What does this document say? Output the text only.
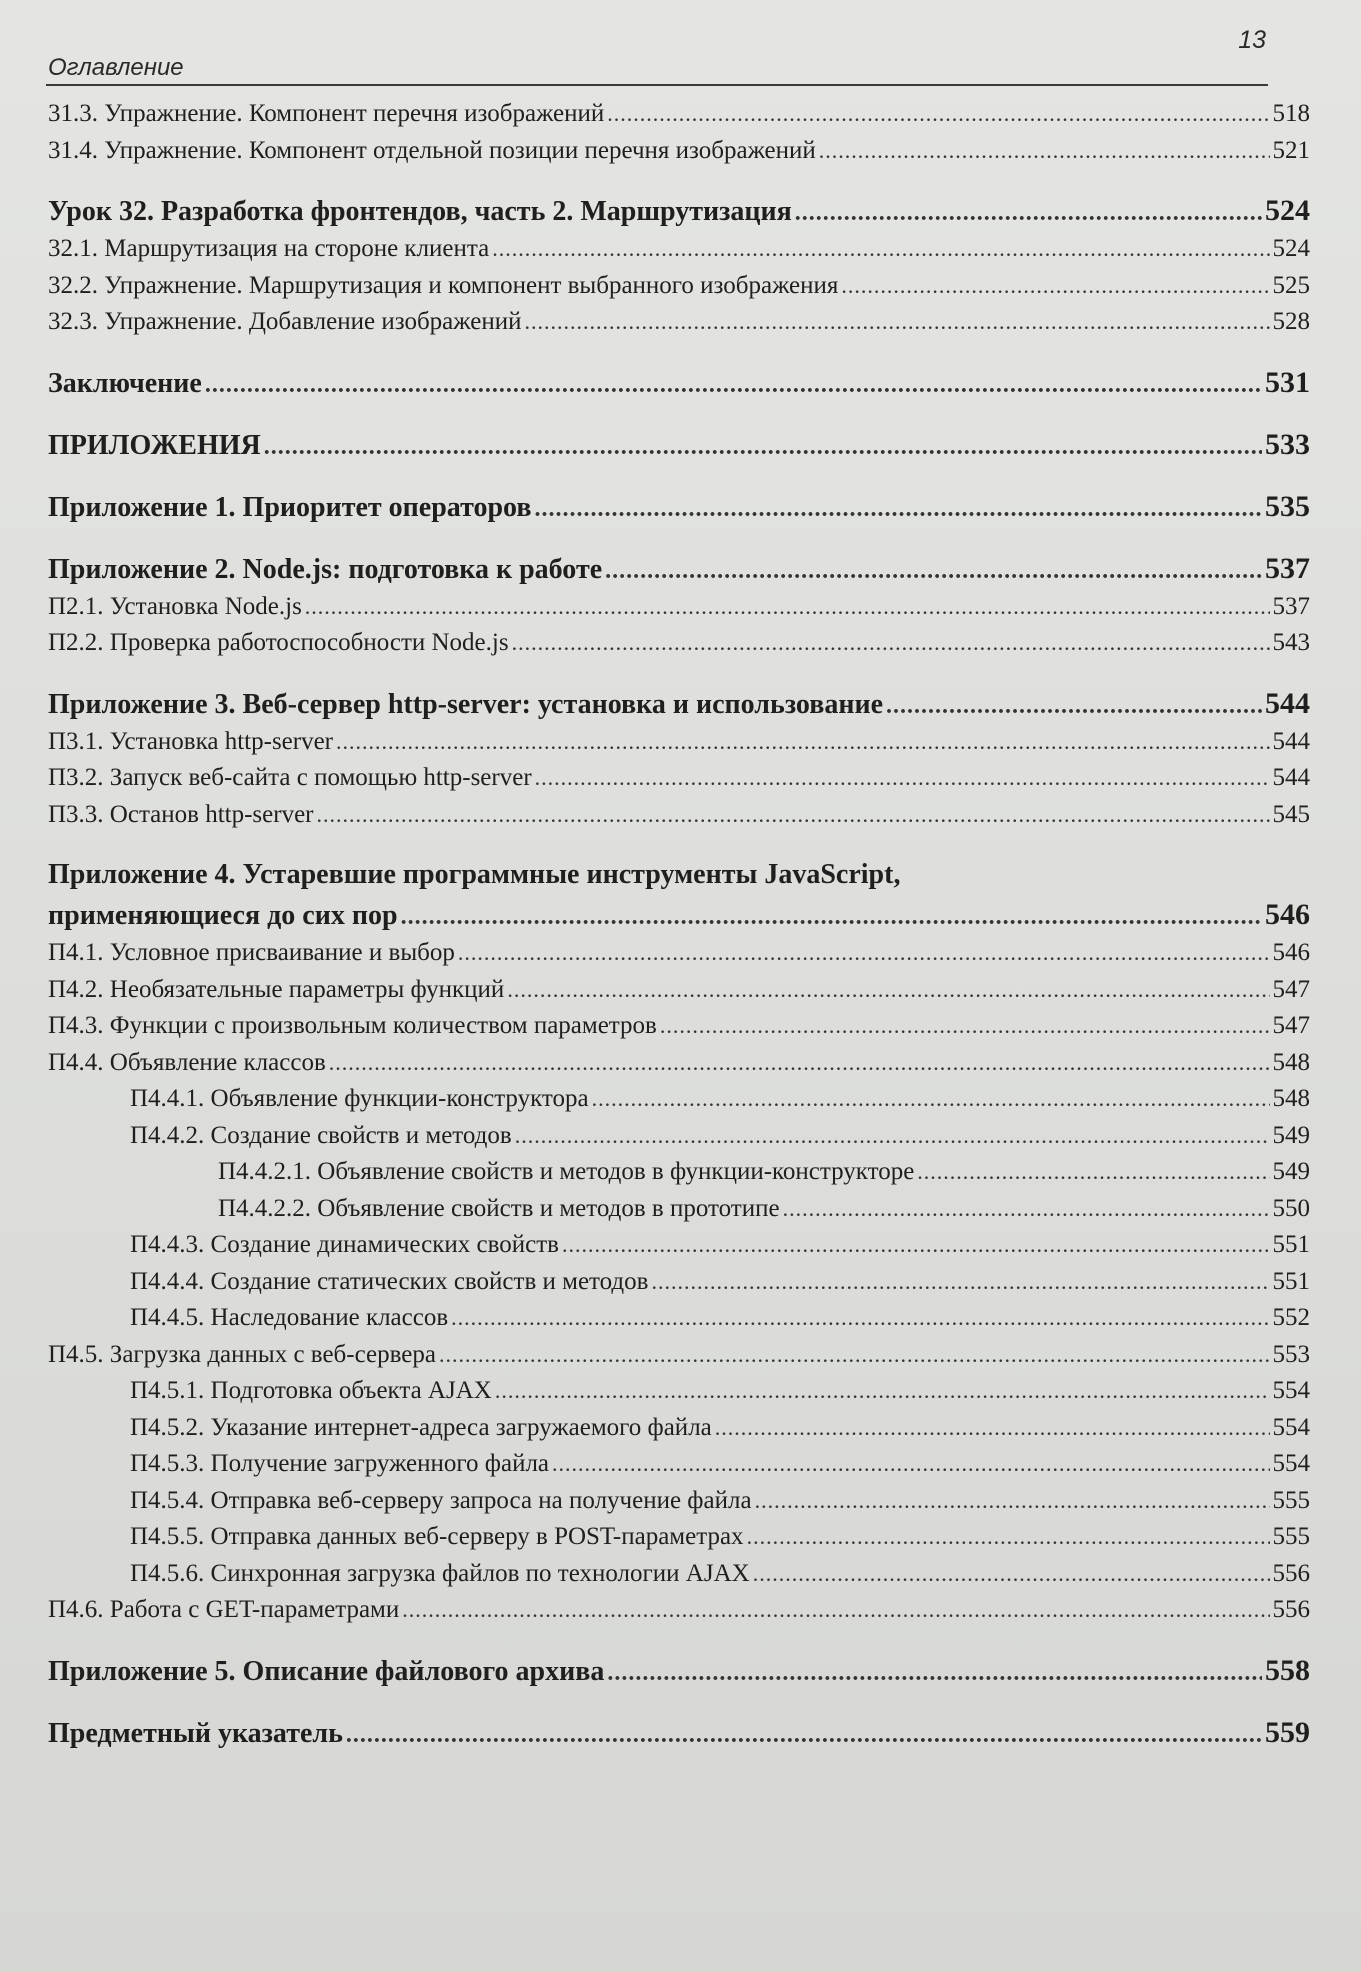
Оглавление
13
31.3. Упражнение. Компонент перечня изображений .....	518
31.4. Упражнение. Компонент отдельной позиции перечня изображений .....	521
Урок 32. Разработка фронтендов, часть 2. Маршрутизация .....	524
32.1. Маршрутизация на стороне клиента .....	524
32.2. Упражнение. Маршрутизация и компонент выбранного изображения .....	525
32.3. Упражнение. Добавление изображений .....	528
Заключение .....	531
ПРИЛОЖЕНИЯ .....	533
Приложение 1. Приоритет операторов .....	535
Приложение 2. Node.js: подготовка к работе .....	537
П2.1. Установка Node.js .....	537
П2.2. Проверка работоспособности Node.js .....	543
Приложение 3. Веб-сервер http-server: установка и использование .....	544
П3.1. Установка http-server .....	544
П3.2. Запуск веб-сайта с помощью http-server .....	544
П3.3. Останов http-server .....	545
Приложение 4. Устаревшие программные инструменты JavaScript,
применяющиеся до сих пор .....	546
П4.1. Условное присваивание и выбор .....	546
П4.2. Необязательные параметры функций .....	547
П4.3. Функции с произвольным количеством параметров .....	547
П4.4. Объявление классов .....	548
П4.4.1. Объявление функции-конструктора .....	548
П4.4.2. Создание свойств и методов .....	549
П4.4.2.1. Объявление свойств и методов в функции-конструкторе .....	549
П4.4.2.2. Объявление свойств и методов в прототипе .....	550
П4.4.3. Создание динамических свойств .....	551
П4.4.4. Создание статических свойств и методов .....	551
П4.4.5. Наследование классов .....	552
П4.5. Загрузка данных с веб-сервера .....	553
П4.5.1. Подготовка объекта AJAX .....	554
П4.5.2. Указание интернет-адреса загружаемого файла .....	554
П4.5.3. Получение загруженного файла .....	554
П4.5.4. Отправка веб-серверу запроса на получение файла .....	555
П4.5.5. Отправка данных веб-серверу в POST-параметрах .....	555
П4.5.6. Синхронная загрузка файлов по технологии AJAX .....	556
П4.6. Работа с GET-параметрами .....	556
Приложение 5. Описание файлового архива .....	558
Предметный указатель .....	559
